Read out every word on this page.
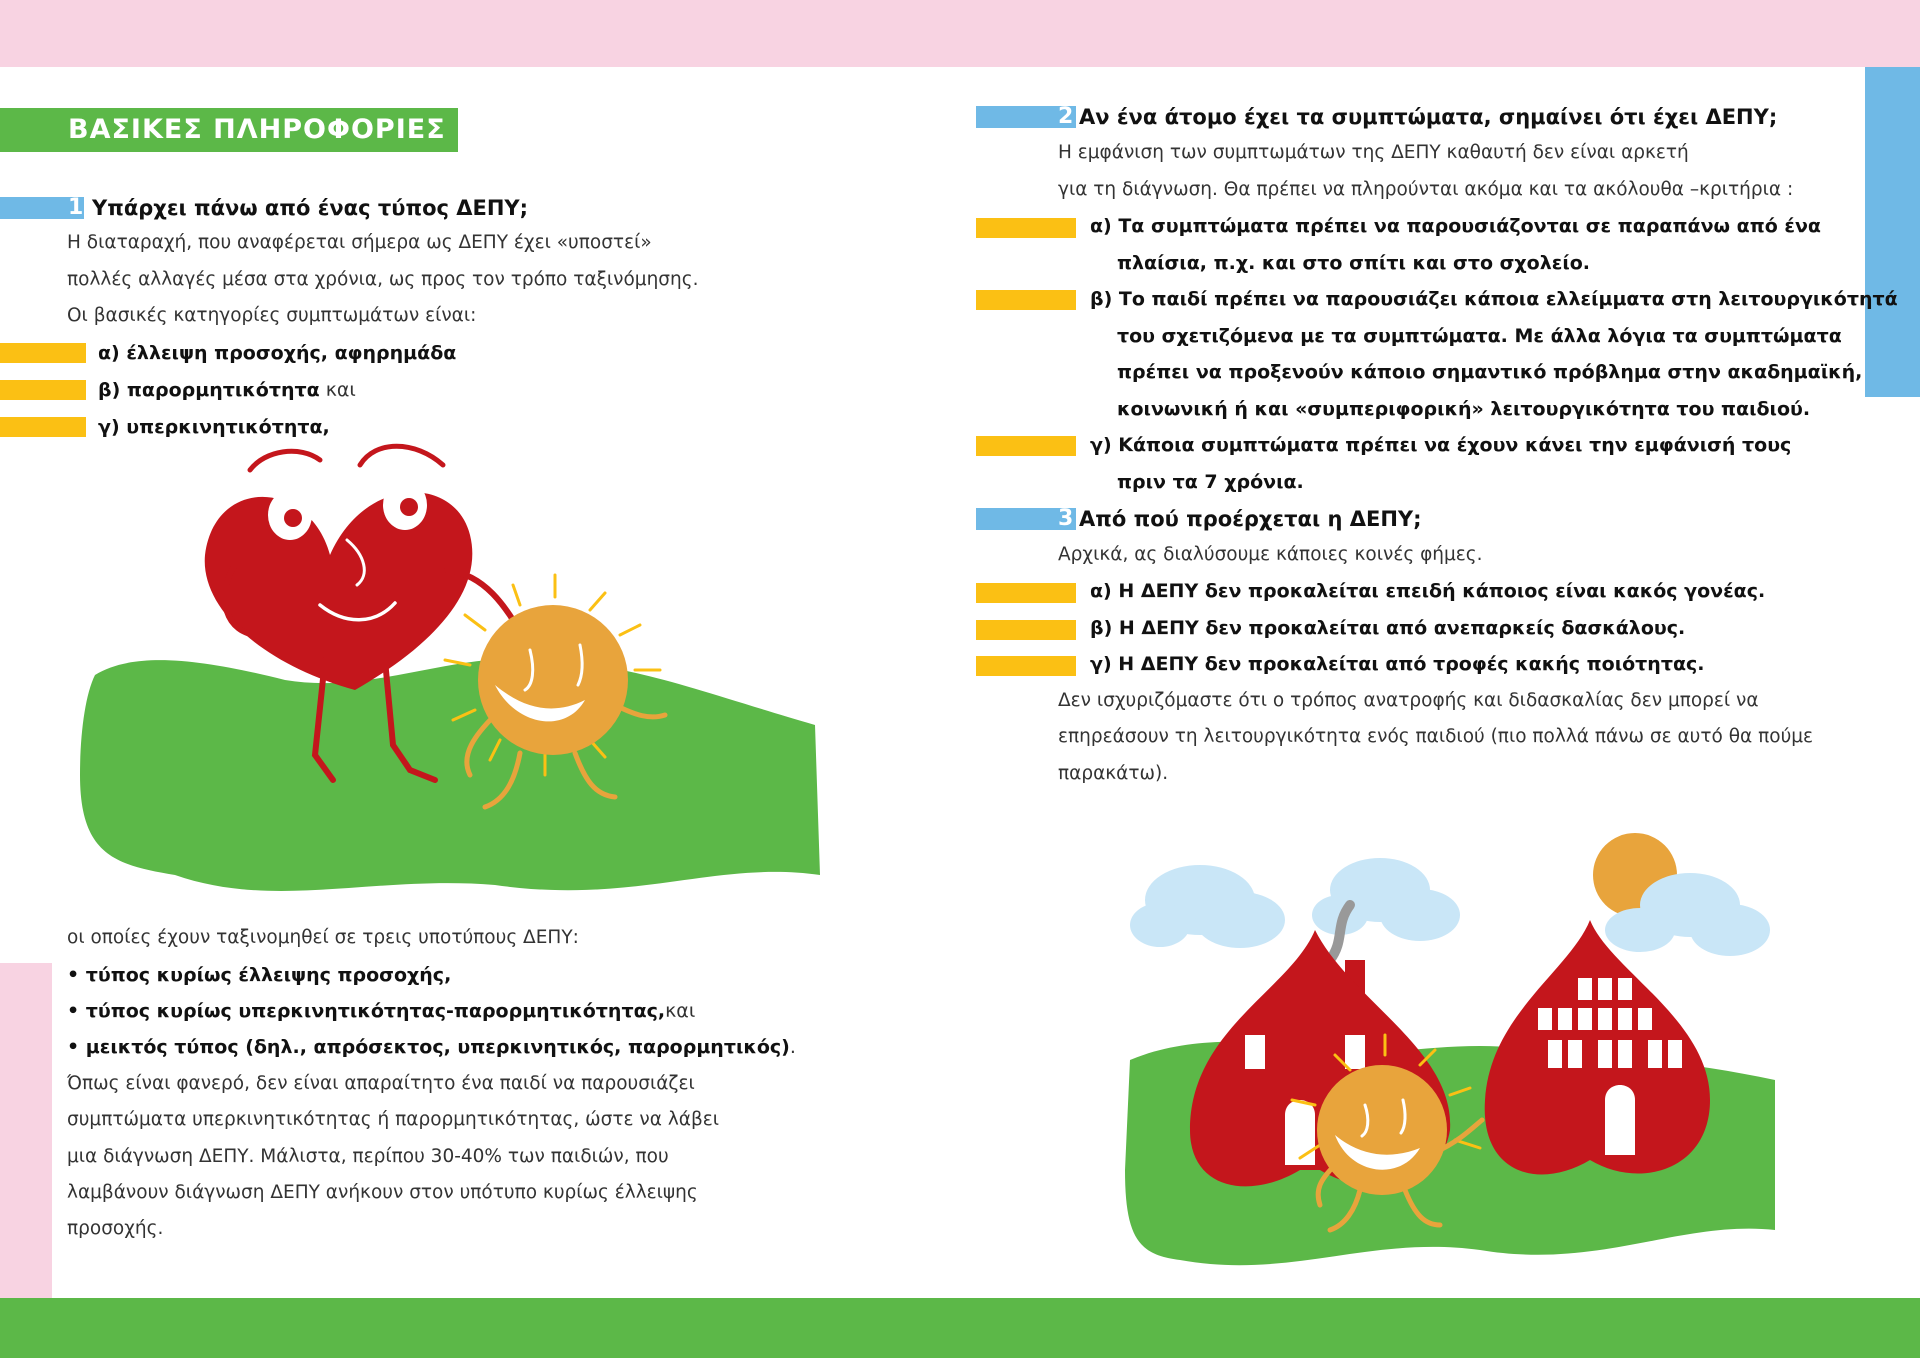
ΒΑΣΙΚΕΣ ΠΛΗΡΟΦΟΡΙΕΣ
1 Υπάρχει πάνω από ένας τύπος ΔΕΠΥ;
Η διαταραχή, που αναφέρεται σήμερα ως ΔΕΠΥ έχει «υποστεί»
πολλές αλλαγές μέσα στα χρόνια, ως προς τον τρόπο ταξινόμησης.
Οι βασικές κατηγορίες συμπτωμάτων είναι:
α) έλλειψη προσοχής, αφηρημάδα
β) παρορμητικότητα και
γ) υπερκινητικότητα,
οι οποίες έχουν ταξινομηθεί σε τρεις υποτύπους ΔΕΠΥ:
• τύπος κυρίως έλλειψης προσοχής,
• τύπος κυρίως υπερκινητικότητας-παρορμητικότητας,και
• μεικτός τύπος (δηλ., απρόσεκτος, υπερκινητικός, παρορμητικός).
Όπως είναι φανερό, δεν είναι απαραίτητο ένα παιδί να παρουσιάζει
συμπτώματα υπερκινητικότητας ή παρορμητικότητας, ώστε να λάβει
μια διάγνωση ΔΕΠΥ. Μάλιστα, περίπου 30-40% των παιδιών, που
λαμβάνουν διάγνωση ΔΕΠΥ ανήκουν στον υπότυπο κυρίως έλλειψης
προσοχής.
2 Αν ένα άτομο έχει τα συμπτώματα, σημαίνει ότι έχει ΔΕΠΥ;
Η εμφάνιση των συμπτωμάτων της ΔΕΠΥ καθαυτή δεν είναι αρκετή
για τη διάγνωση. Θα πρέπει να πληρούνται ακόμα και τα ακόλουθα –κριτήρια :
α) Τα συμπτώματα πρέπει να παρουσιάζονται σε παραπάνω από ένα
πλαίσια, π.χ. και στο σπίτι και στο σχολείο.
β) Το παιδί πρέπει να παρουσιάζει κάποια ελλείμματα στη λειτουργικότητά
του σχετιζόμενα με τα συμπτώματα. Με άλλα λόγια τα συμπτώματα
πρέπει να προξενούν κάποιο σημαντικό πρόβλημα στην ακαδημαϊκή,
κοινωνική ή και «συμπεριφορική» λειτουργικότητα του παιδιού.
γ) Κάποια συμπτώματα πρέπει να έχουν κάνει την εμφάνισή τους
πριν τα 7 χρόνια.
3 Από πού προέρχεται η ΔΕΠΥ;
Αρχικά, ας διαλύσουμε κάποιες κοινές φήμες.
α) Η ΔΕΠΥ δεν προκαλείται επειδή κάποιος είναι κακός γονέας.
β) Η ΔΕΠΥ δεν προκαλείται από ανεπαρκείς δασκάλους.
γ) Η ΔΕΠΥ δεν προκαλείται από τροφές κακής ποιότητας.
Δεν ισχυριζόμαστε ότι ο τρόπος ανατροφής και διδασκαλίας δεν μπορεί να
επηρεάσουν τη λειτουργικότητα ενός παιδιού (πιο πολλά πάνω σε αυτό θα πούμε
παρακάτω).
